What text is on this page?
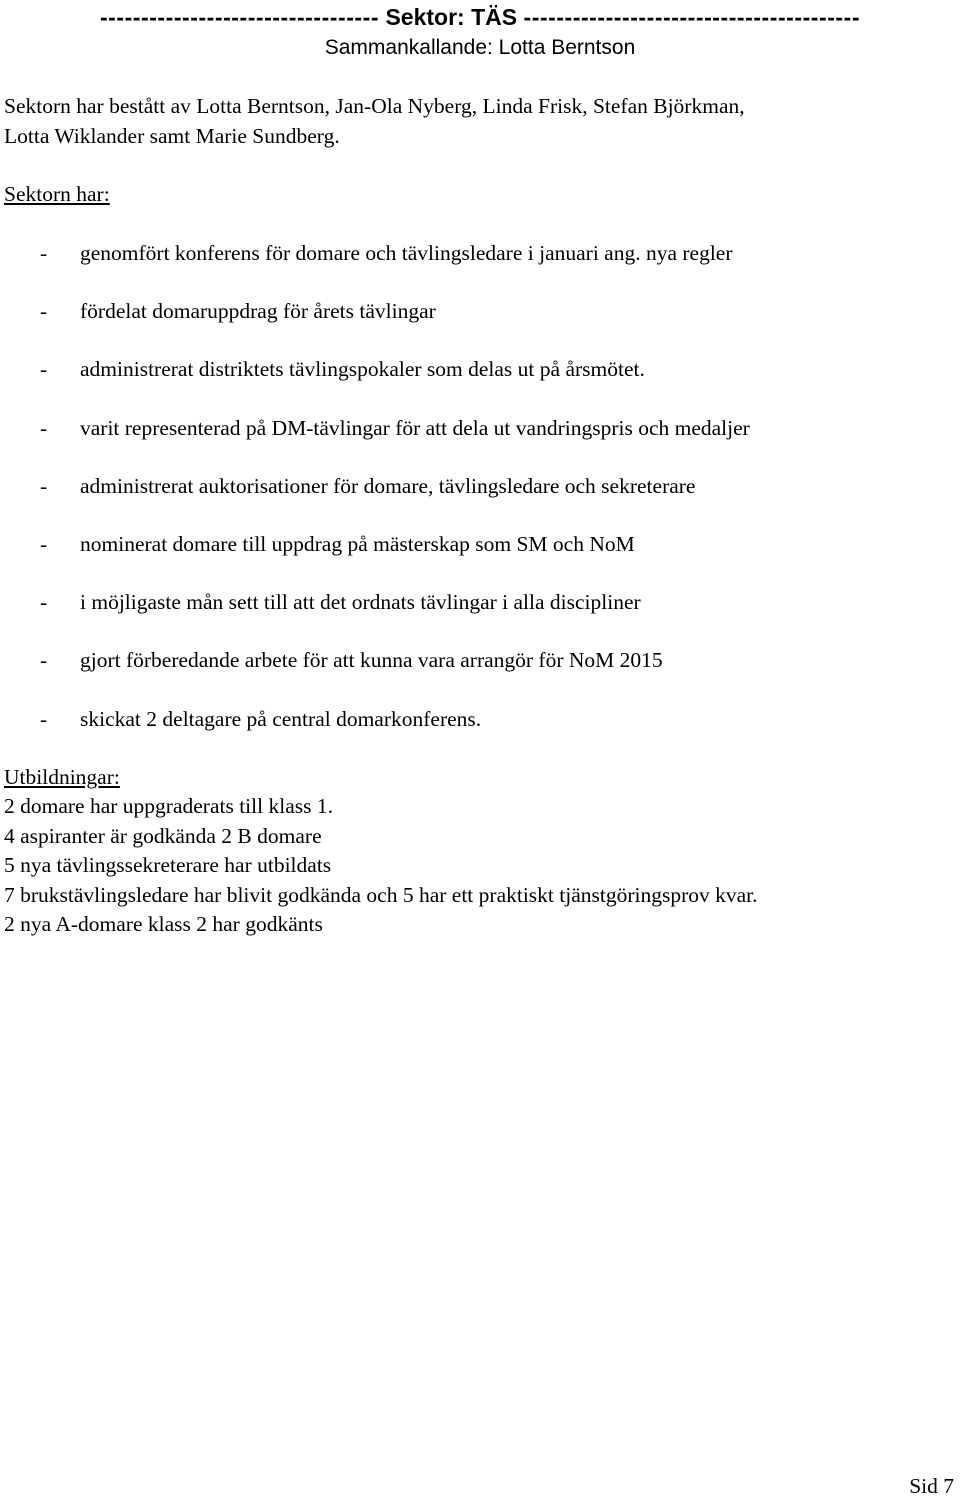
---------------------------------- Sektor: TÄS -----------------------------------------
Sammankallande: Lotta Berntson
Sektorn har bestått av Lotta Berntson, Jan-Ola Nyberg, Linda Frisk, Stefan Björkman,
Lotta Wiklander samt Marie Sundberg.
Sektorn har:
- genomfört konferens för domare och tävlingsledare i januari ang. nya regler
- fördelat domaruppdrag för årets tävlingar
- administrerat distriktets tävlingspokaler som delas ut på årsmötet.
- varit representerad på DM-tävlingar för att dela ut vandringspris och medaljer
- administrerat auktorisationer för domare, tävlingsledare och sekreterare
- nominerat domare till uppdrag på mästerskap som SM och NoM
- i möjligaste mån sett till att det ordnats tävlingar i alla discipliner
- gjort förberedande arbete för att kunna vara arrangör för NoM 2015
- skickat 2 deltagare på central domarkonferens.
Utbildningar:
2 domare har uppgraderats till klass 1.
4 aspiranter är godkända 2 B domare
5 nya tävlingssekreterare har utbildats
7 brukstävlingsledare har blivit godkända och 5 har ett praktiskt tjänstgöringsprov kvar.
2 nya A-domare klass 2 har godkänts
Sid 7
